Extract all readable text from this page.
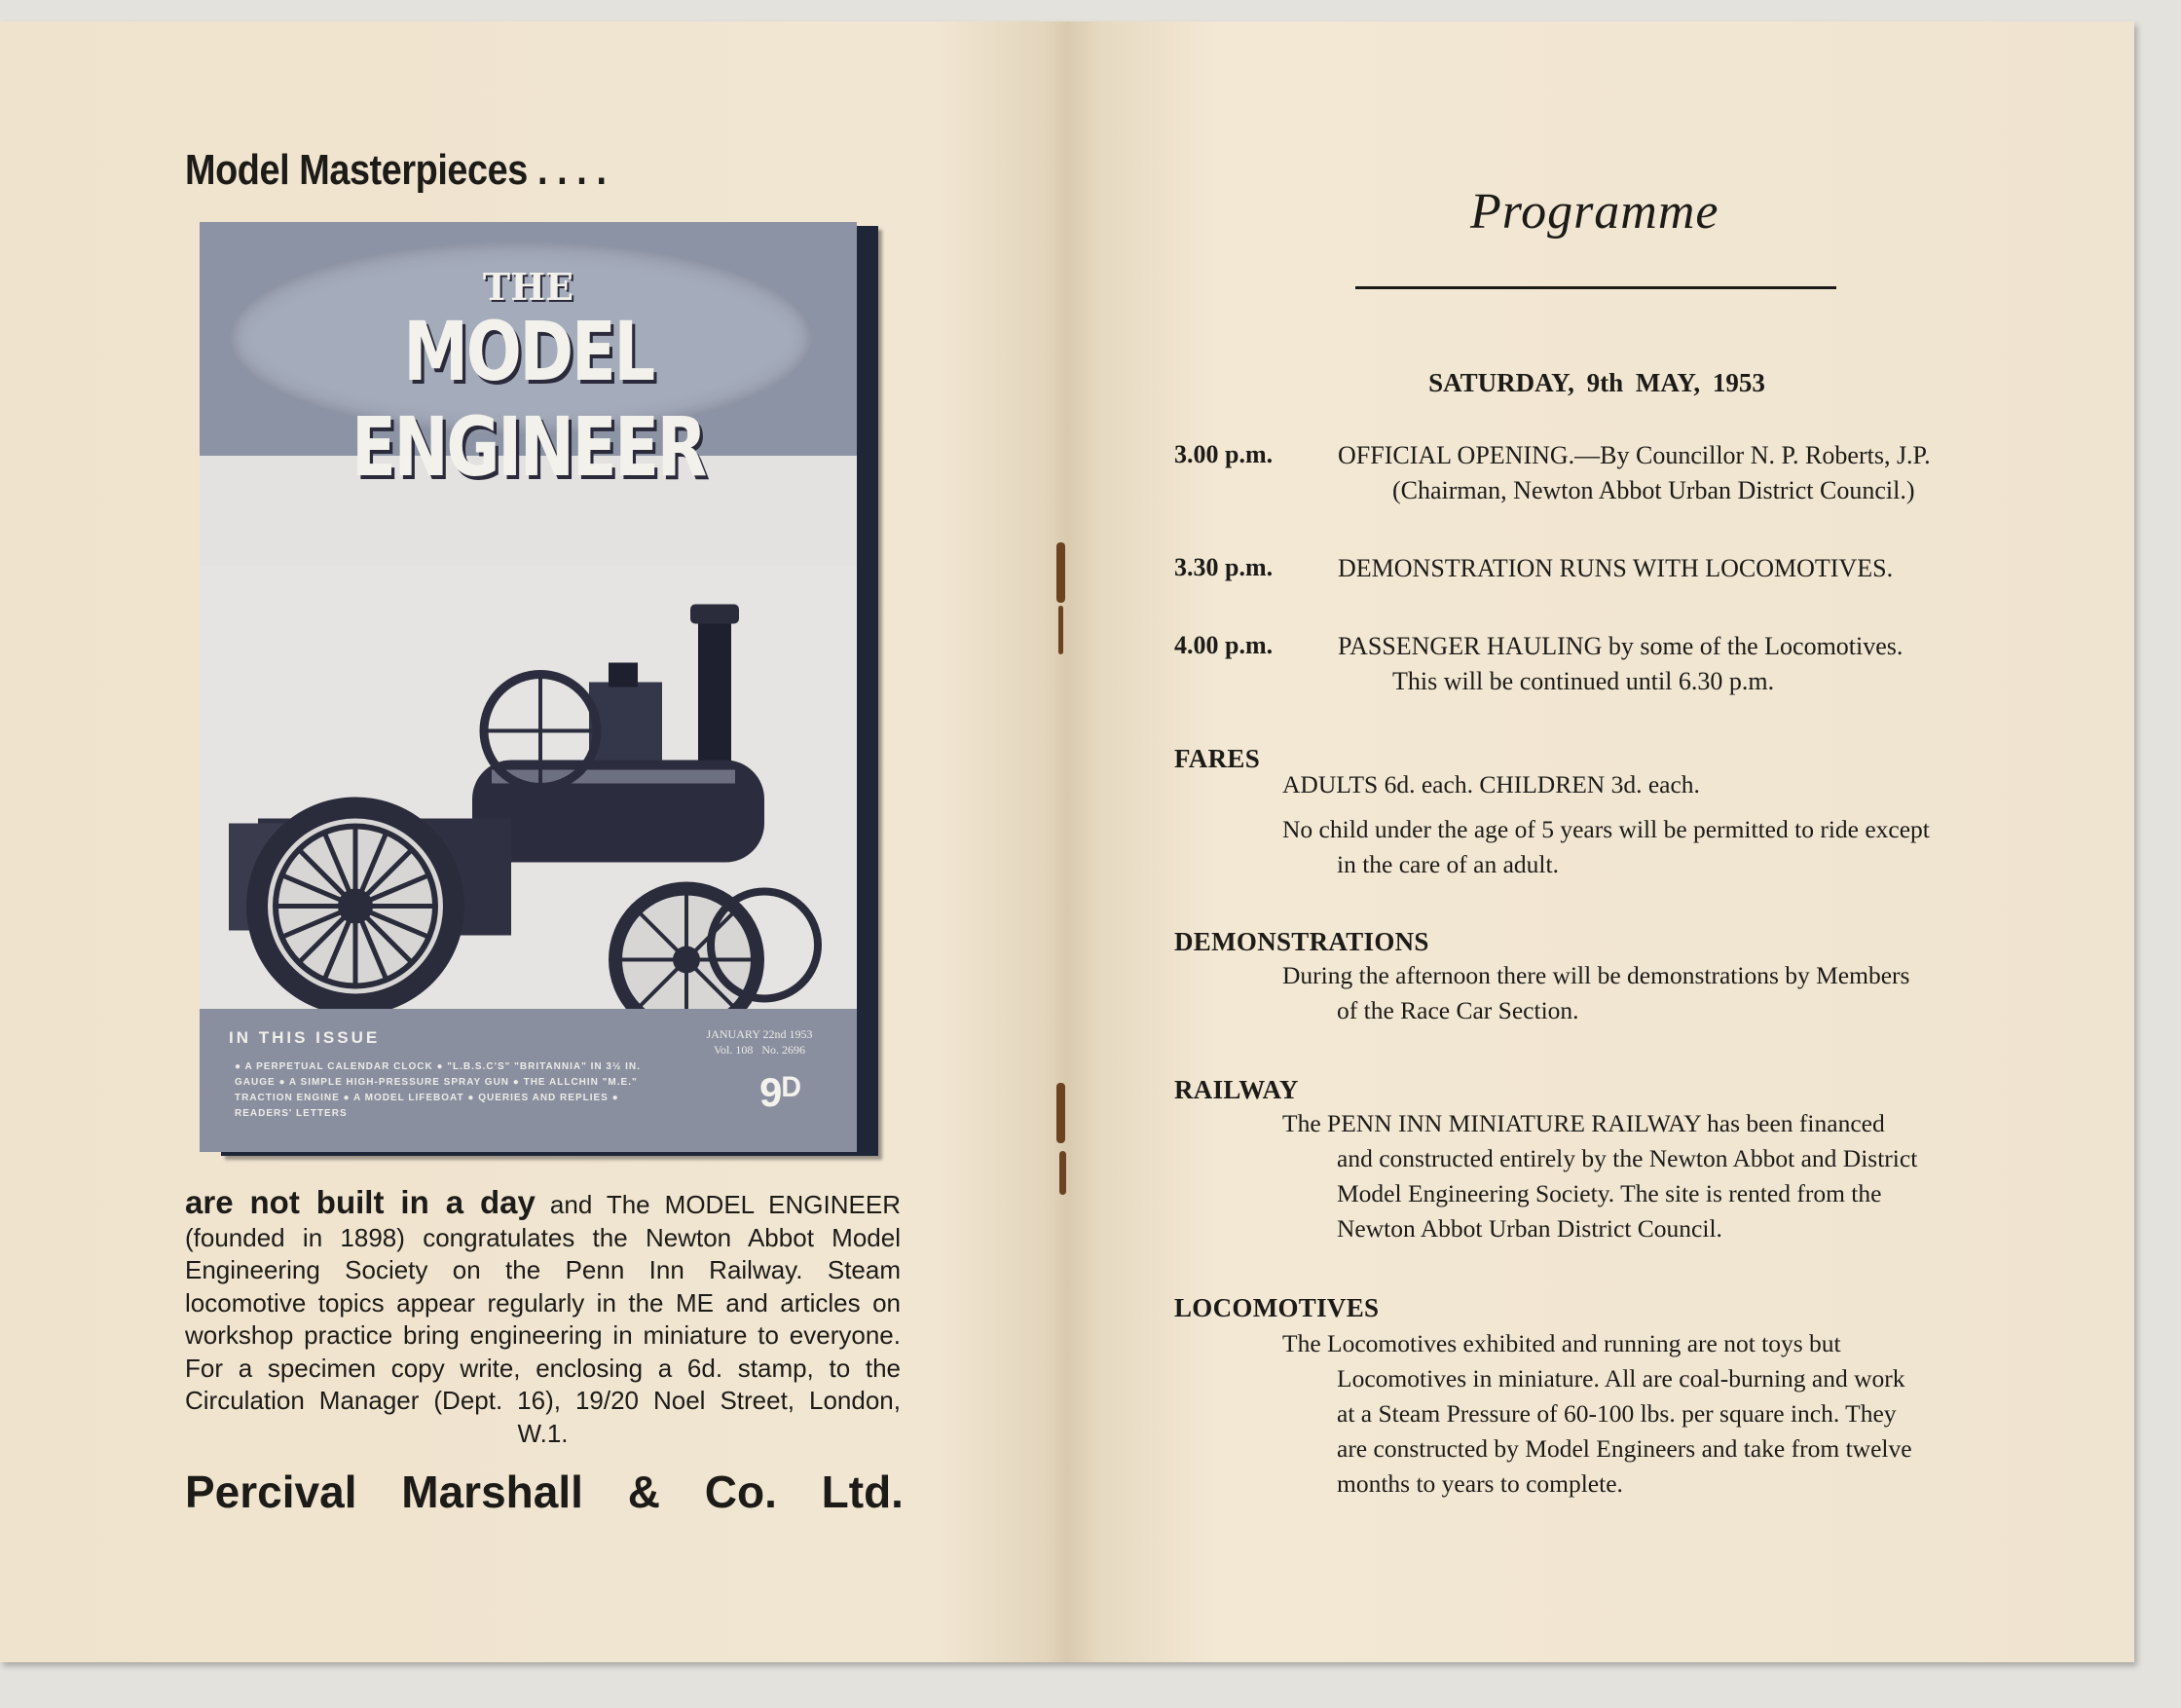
Model Masterpieces . . . .
THE
MODEL ENGINEER
IN THIS ISSUE
● A PERPETUAL CALENDAR CLOCK ● "L.B.S.C'S" "BRITANNIA" IN 3½ IN. GAUGE ● A SIMPLE HIGH-PRESSURE SPRAY GUN ● THE ALLCHIN "M.E." TRACTION ENGINE ● A MODEL LIFEBOAT ● QUERIES AND REPLIES ● READERS' LETTERS
JANUARY 22nd 1953
Vol. 108 No. 2696
9ᴰ
are not built in a day and The MODEL ENGINEER (founded in 1898) congratulates the Newton Abbot Model Engineering Society on the Penn Inn Railway. Steam locomotive topics appear regularly in the ME and articles on workshop practice bring engineering in miniature to everyone. For a specimen copy write, enclosing a 6d. stamp, to the Circulation Manager (Dept. 16), 19/20 Noel Street, London, W.1.
Percival Marshall & Co. Ltd.
Programme
SATURDAY, 9th MAY, 1953
3.00 p.m.	OFFICIAL OPENING.—By Councillor N. P. Roberts, J.P.
(Chairman, Newton Abbot Urban District Council.)
3.30 p.m.	DEMONSTRATION RUNS WITH LOCOMOTIVES.
4.00 p.m.	PASSENGER HAULING by some of the Locomotives.
This will be continued until 6.30 p.m.
FARES
ADULTS 6d. each. CHILDREN 3d. each.
No child under the age of 5 years will be permitted to ride except
in the care of an adult.
DEMONSTRATIONS
During the afternoon there will be demonstrations by Members
of the Race Car Section.
RAILWAY
The PENN INN MINIATURE RAILWAY has been financed
and constructed entirely by the Newton Abbot and District
Model Engineering Society. The site is rented from the
Newton Abbot Urban District Council.
LOCOMOTIVES
The Locomotives exhibited and running are not toys but
Locomotives in miniature. All are coal-burning and work
at a Steam Pressure of 60-100 lbs. per square inch. They
are constructed by Model Engineers and take from twelve
months to years to complete.
